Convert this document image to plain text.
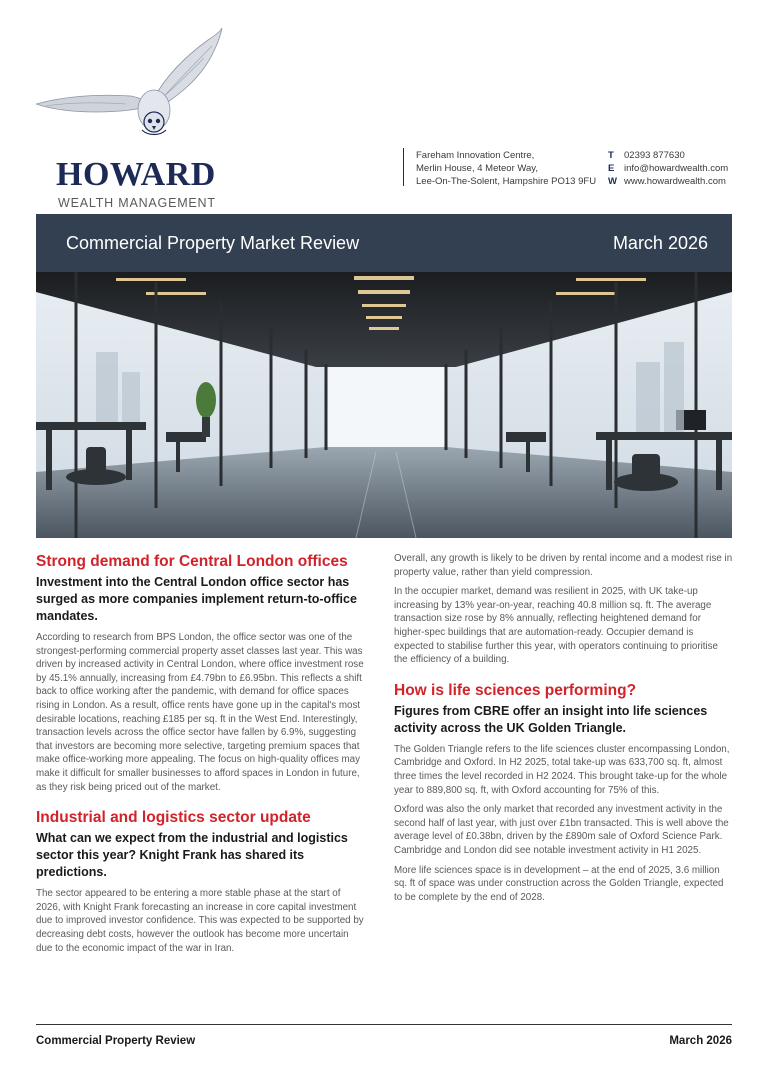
HOWARD
WEALTH MANAGEMENT
Fareham Innovation Centre,
Merlin House, 4 Meteor Way,
Lee-On-The-Solent, Hampshire PO13 9FU
T 02393 877630
E info@howardwealth.com
W www.howardwealth.com
Commercial Property Market Review	March 2026
Strong demand for Central London offices
Investment into the Central London office sector has surged as more companies implement return-to-office mandates.

According to research from BPS London, the office sector was one of the strongest-performing commercial property asset classes last year. This was driven by increased activity in Central London, where office investment rose by 45.1% annually, increasing from £4.79bn to £6.95bn. This reflects a shift back to office working after the pandemic, with demand for office spaces rising in London. As a result, office rents have gone up in the capital's most desirable locations, reaching £185 per sq. ft in the West End. Interestingly, transaction levels across the office sector have fallen by 6.9%, suggesting that investors are becoming more selective, targeting premium spaces that make office-working more appealing. The focus on high-quality offices may make it difficult for smaller businesses to afford spaces in London in future, as they risk being priced out of the market.

Industrial and logistics sector update
What can we expect from the industrial and logistics sector this year? Knight Frank has shared its predictions.

The sector appeared to be entering a more stable phase at the start of 2026, with Knight Frank forecasting an increase in core capital investment due to improved investor confidence. This was expected to be supported by decreasing debt costs, however the outlook has become more uncertain due to the economic impact of the war in Iran.

Overall, any growth is likely to be driven by rental income and a modest rise in property value, rather than yield compression.

In the occupier market, demand was resilient in 2025, with UK take-up increasing by 13% year-on-year, reaching 40.8 million sq. ft. The average transaction size rose by 8% annually, reflecting heightened demand for higher-spec buildings that are automation-ready. Occupier demand is expected to stabilise further this year, with operators continuing to prioritise the efficiency of a building.

How is life sciences performing?
Figures from CBRE offer an insight into life sciences activity across the UK Golden Triangle.

The Golden Triangle refers to the life sciences cluster encompassing London, Cambridge and Oxford. In H2 2025, total take-up was 633,700 sq. ft, almost three times the level recorded in H2 2024. This brought take-up for the whole year to 889,800 sq. ft, with Oxford accounting for 75% of this.

Oxford was also the only market that recorded any investment activity in the second half of last year, with just over £1bn transacted. This is well above the average level of £0.38bn, driven by the £890m sale of Oxford Science Park. Cambridge and London did see notable investment activity in H1 2025.

More life sciences space is in development – at the end of 2025, 3.6 million sq. ft of space was under construction across the Golden Triangle, expected to be complete by the end of 2028.

Commercial Property Review	March 2026
